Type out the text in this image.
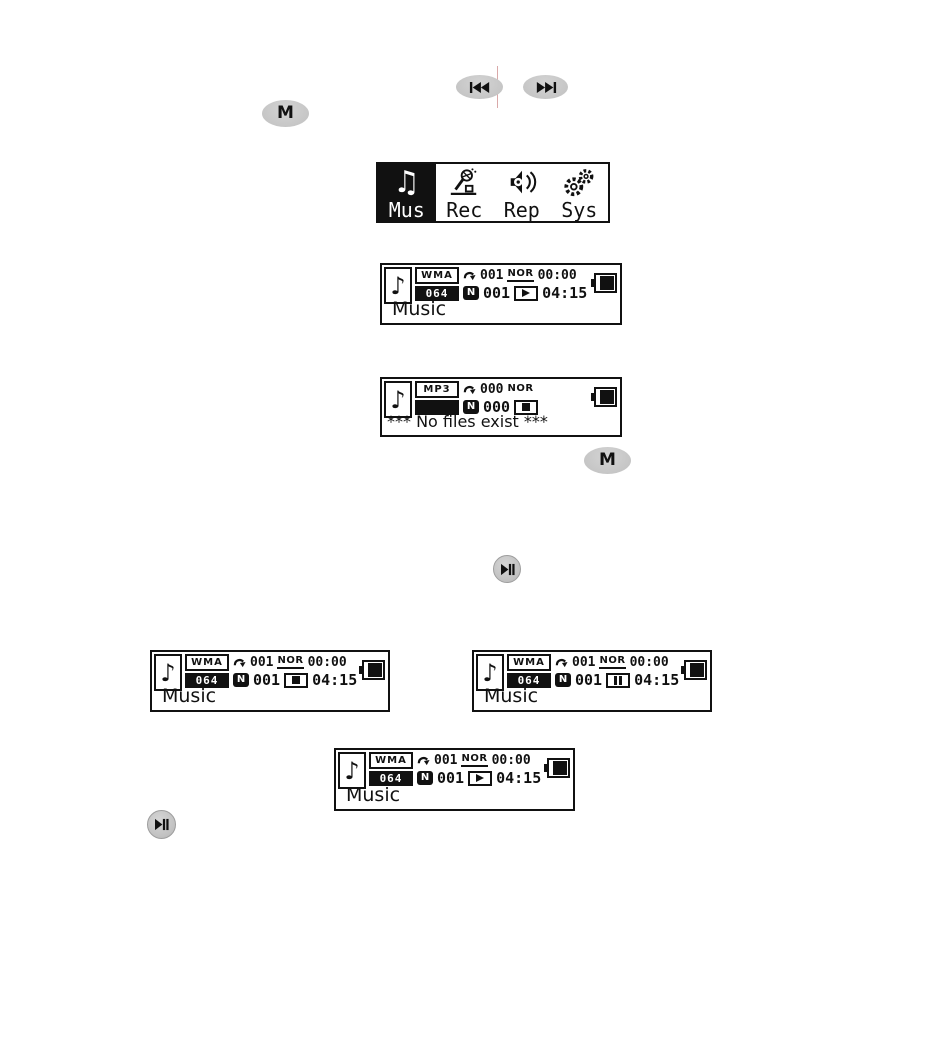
M
♫
Mus Rec Rep Sys
♪	WMA
064
001 NOR 00:00
N 001 04:15
Music
♪	MP3	000 NOR
N 000
*** No files exist ***
M
♪	WMA
064
001 NOR 00:00
N 001 04:15
Music
♪	WMA
064
001 NOR 00:00
N 001 04:15
Music
♪	WMA
064
001 NOR 00:00
N 001 04:15
Music
